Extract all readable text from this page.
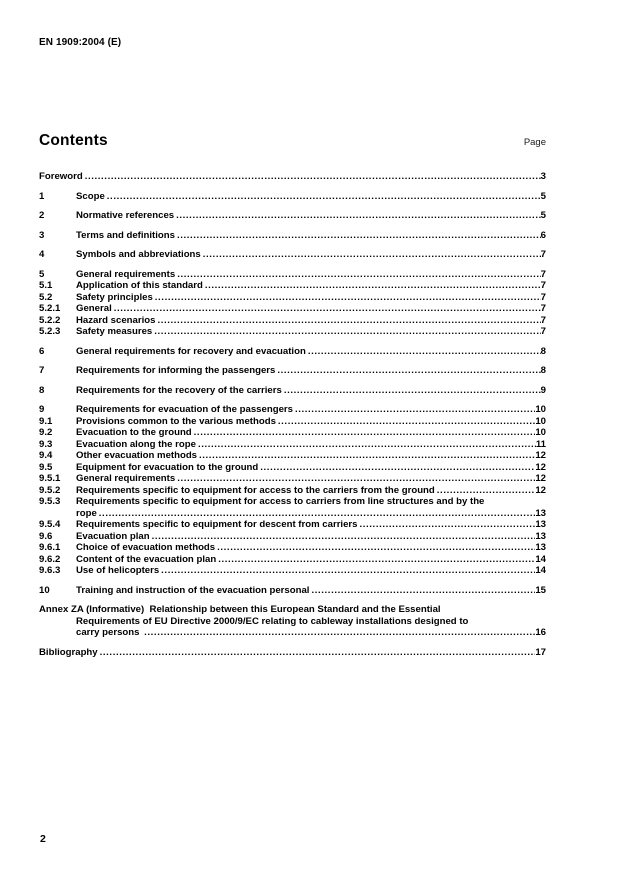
EN 1909:2004 (E)
Contents	Page
Foreword .....	3
1	Scope .....	5
2	Normative references .....	5
3	Terms and definitions .....	6
4	Symbols and abbreviations .....	7
5	General requirements .....	7
5.1	Application of this standard .....	7
5.2	Safety principles .....	7
5.2.1	General .....	7
5.2.2	Hazard scenarios .....	7
5.2.3	Safety measures .....	7
6	General requirements for recovery and evacuation .....	8
7	Requirements for informing the passengers .....	8
8	Requirements for the recovery of the carriers .....	9
9	Requirements for evacuation of the passengers .....	10
9.1	Provisions common to the various methods .....	10
9.2	Evacuation to the ground .....	10
9.3	Evacuation along the rope .....	11
9.4	Other evacuation methods .....	12
9.5	Equipment for evacuation to the ground .....	12
9.5.1	General requirements .....	12
9.5.2	Requirements specific to equipment for access to the carriers from the ground .....	12
9.5.3	Requirements specific to equipment for access to carriers from line structures and by the
rope .....	13
9.5.4	Requirements specific to equipment for descent from carriers .....	13
9.6	Evacuation plan .....	13
9.6.1	Choice of evacuation methods .....	13
9.6.2	Content of the evacuation plan .....	14
9.6.3	Use of helicopters .....	14
10	Training and instruction of the evacuation personal .....	15
Annex ZA (Informative)  Relationship between this European Standard and the Essential
Requirements of EU Directive 2000/9/EC relating to cableway installations designed to
carry persons .....	16
Bibliography .....	17
2
